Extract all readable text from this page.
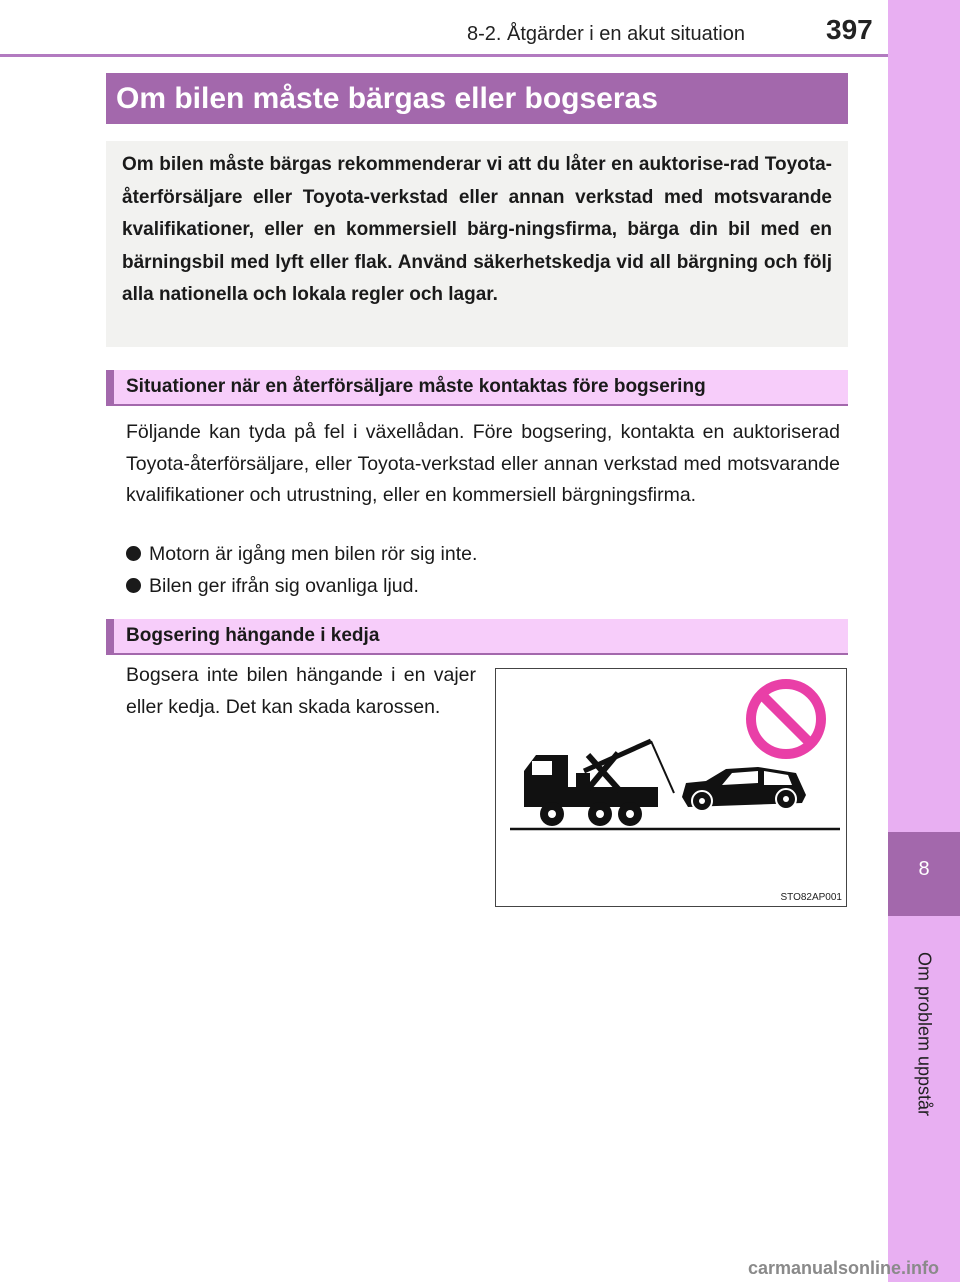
8
Om problem uppstår
8-2. Åtgärder i en akut situation	397
Om bilen måste bärgas eller bogseras

Om bilen måste bärgas rekommenderar vi att du låter en auktorise-rad Toyota-återförsäljare eller Toyota-verkstad eller annan verkstad med motsvarande kvalifikationer, eller en kommersiell bärg-ningsfirma, bärga din bil med en bärningsbil med lyft eller flak. Använd säkerhetskedja vid all bärgning och följ alla nationella och lokala regler och lagar.

Situationer när en återförsäljare måste kontaktas före bogsering

Följande kan tyda på fel i växellådan. Före bogsering, kontakta en auktoriserad Toyota-återförsäljare, eller Toyota-verkstad eller annan verkstad med motsvarande kvalifikationer och utrustning, eller en kommersiell bärgningsfirma.

Motorn är igång men bilen rör sig inte.
Bilen ger ifrån sig ovanliga ljud.
Bogsering hängande i kedja

Bogsera inte bilen hängande i en vajer eller kedja. Det kan skada karossen.

STO82AP001
carmanualsonline.info
